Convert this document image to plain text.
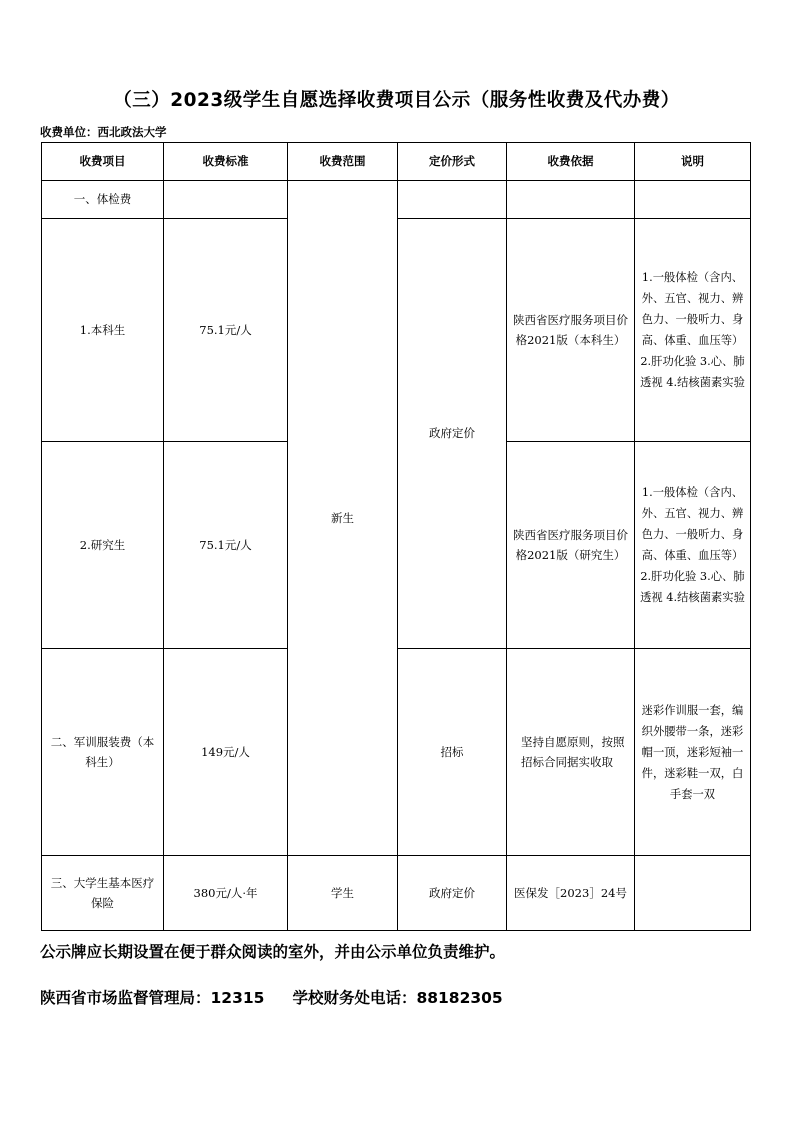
（三）2023级学生自愿选择收费项目公示（服务性收费及代办费）
收费单位：西北政法大学
收费项目	收费标准	收费范围	定价形式	收费依据	说明
一、体检费		新生			
1.本科生	75.1元/人		政府定价	陕西省医疗服务项目价格2021版（本科生）	1.一般体检（含内、外、五官、视力、辨色力、一般听力、身高、体重、血压等）2.肝功化验 3.心、肺透视 4.结核菌素实验
2.研究生	75.1元/人			陕西省医疗服务项目价格2021版（研究生）	1.一般体检（含内、外、五官、视力、辨色力、一般听力、身高、体重、血压等）2.肝功化验 3.心、肺透视 4.结核菌素实验
二、军训服装费（本科生）	149元/人		招标	坚持自愿原则，按照招标合同据实收取	迷彩作训服一套，编织外腰带一条，迷彩帽一顶，迷彩短袖一件，迷彩鞋一双，白手套一双
三、大学生基本医疗保险	380元/人·年	学生	政府定价	医保发［2023］24号	
公示牌应长期设置在便于群众阅读的室外，并由公示单位负责维护。
陕西省市场监督管理局：12315 学校财务处电话：88182305
